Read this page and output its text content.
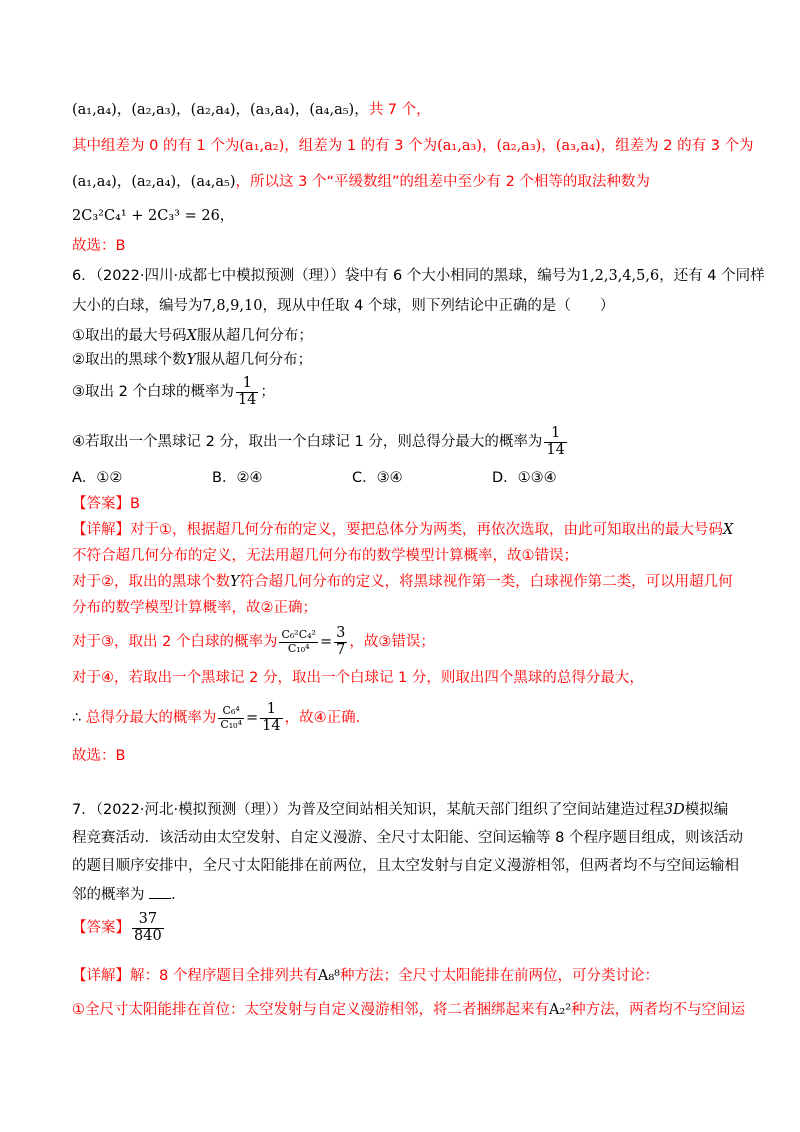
(a₁,a₄)，(a₂,a₃)，(a₂,a₄)，(a₃,a₄)，(a₄,a₅)，共 7 个，
其中组差为 0 的有 1 个为(a₁,a₂)，组差为 1 的有 3 个为(a₁,a₃)，(a₂,a₃)，(a₃,a₄)，组差为 2 的有 3 个为
(a₁,a₄)，(a₂,a₄)，(a₄,a₅)，所以这 3 个“平缓数组”的组差中至少有 2 个相等的取法种数为
2C₃²C₄¹ + 2C₃³ = 26，
故选：B
6．（2022·四川·成都七中模拟预测（理））袋中有 6 个大小相同的黑球，编号为1,2,3,4,5,6，还有 4 个同样
大小的白球，编号为7,8,9,10，现从中任取 4 个球，则下列结论中正确的是（　　）
①取出的最大号码X服从超几何分布；
②取出的黑球个数Y服从超几何分布；
③取出 2 个白球的概率为 $\frac{1}{14}$ ；
④若取出一个黑球记 2 分，取出一个白球记 1 分，则总得分最大的概率为 $\frac{1}{14}$
A．①②	B．②④	C．③④	D．①③④
【答案】B
【详解】对于①，根据超几何分布的定义，要把总体分为两类，再依次选取，由此可知取出的最大号码X
不符合超几何分布的定义，无法用超几何分布的数学模型计算概率，故①错误；
对于②，取出的黑球个数Y符合超几何分布的定义，将黑球视作第一类，白球视作第二类，可以用超几何
分布的数学模型计算概率，故②正确；
对于③，取出 2 个白球的概率为 $\frac{\text{C₆²C₄²}}{\text{C₁₀⁴}} = \frac{3}{7}$ ，故③错误；
对于④，若取出一个黑球记 2 分，取出一个白球记 1 分，则取出四个黑球的总得分最大，
∴ 总得分最大的概率为 $\frac{\text{C₆⁴}}{\text{C₁₀⁴}} = \frac{1}{14}$ ，故④正确．
故选：B
7．（2022·河北·模拟预测（理））为普及空间站相关知识，某航天部门组织了空间站建造过程3D模拟编
程竞赛活动．该活动由太空发射、自定义漫游、全尺寸太阳能、空间运输等 8 个程序题目组成，则该活动
的题目顺序安排中，全尺寸太阳能排在前两位，且太空发射与自定义漫游相邻，但两者均不与空间运输相
邻的概率为 ．
【答案】 $\frac{37}{840}$
【详解】解：8 个程序题目全排列共有A₈⁸种方法；全尺寸太阳能排在前两位，可分类讨论：
①全尺寸太阳能排在首位：太空发射与自定义漫游相邻，将二者捆绑起来有A₂²种方法，两者均不与空间运
